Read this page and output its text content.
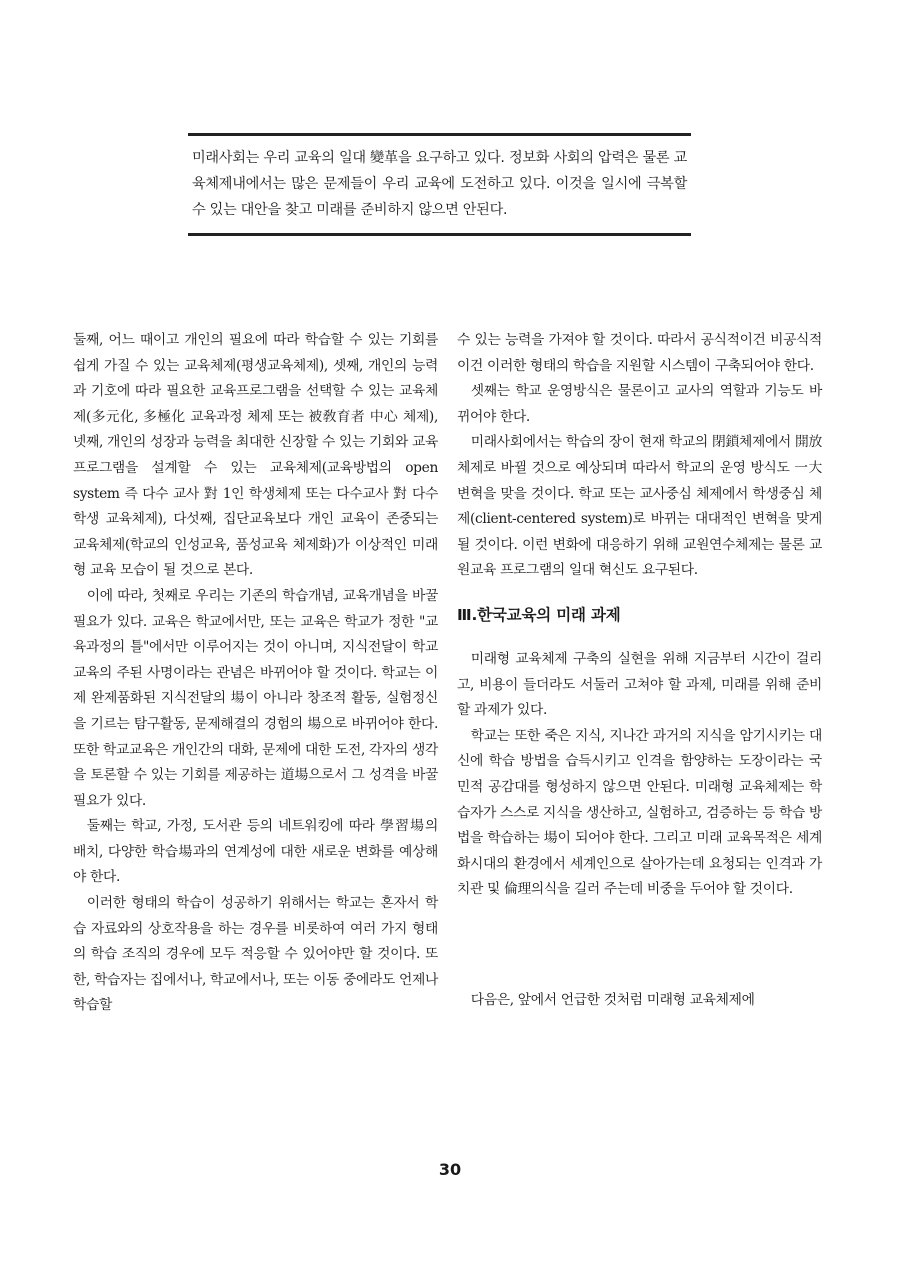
미래사회는 우리 교육의 일대 變革을 요구하고 있다. 정보화 사회의 압력은 물론 교육체제내에서는 많은 문제들이 우리 교육에 도전하고 있다. 이것을 일시에 극복할 수 있는 대안을 찾고 미래를 준비하지 않으면 안된다.

둘째, 어느 때이고 개인의 필요에 따라 학습할 수 있는 기회를 쉽게 가질 수 있는 교육체제(평생교육체제), 셋째, 개인의 능력과 기호에 따라 필요한 교육프로그램을 선택할 수 있는 교육체제(多元化, 多極化 교육과정 체제 또는 被敎育者 中心 체제), 넷째, 개인의 성장과 능력을 최대한 신장할 수 있는 기회와 교육프로그램을 설계할 수 있는 교육체제(교육방법의 open system 즉 다수 교사 對 1인 학생체제 또는 다수교사 對 다수학생 교육체제), 다섯째, 집단교육보다 개인 교육이 존중되는 교육체제(학교의 인성교육, 품성교육 체제화)가 이상적인 미래형 교육 모습이 될 것으로 본다.

이에 따라, 첫째로 우리는 기존의 학습개념, 교육개념을 바꿀 필요가 있다. 교육은 학교에서만, 또는 교육은 학교가 정한 "교육과정의 틀"에서만 이루어지는 것이 아니며, 지식전달이 학교교육의 주된 사명이라는 관념은 바뀌어야 할 것이다. 학교는 이제 완제품화된 지식전달의 場이 아니라 창조적 활동, 실험정신을 기르는 탐구활동, 문제해결의 경험의 場으로 바뀌어야 한다. 또한 학교교육은 개인간의 대화, 문제에 대한 도전, 각자의 생각을 토론할 수 있는 기회를 제공하는 道場으로서 그 성격을 바꿀 필요가 있다.

둘째는 학교, 가정, 도서관 등의 네트워킹에 따라 學習場의 배치, 다양한 학습場과의 연계성에 대한 새로운 변화를 예상해야 한다.

이러한 형태의 학습이 성공하기 위해서는 학교는 혼자서 학습 자료와의 상호작용을 하는 경우를 비롯하여 여러 가지 형태의 학습 조직의 경우에 모두 적응할 수 있어야만 할 것이다. 또한, 학습자는 집에서나, 학교에서나, 또는 이동 중에라도 언제나 학습할

수 있는 능력을 가져야 할 것이다. 따라서 공식적이건 비공식적이건 이러한 형태의 학습을 지원할 시스템이 구축되어야 한다.

셋째는 학교 운영방식은 물론이고 교사의 역할과 기능도 바뀌어야 한다.

미래사회에서는 학습의 장이 현재 학교의 閉鎖체제에서 開放체제로 바뀔 것으로 예상되며 따라서 학교의 운영 방식도 一大 변혁을 맞을 것이다. 학교 또는 교사중심 체제에서 학생중심 체제(client-centered system)로 바뀌는 대대적인 변혁을 맞게 될 것이다. 이런 변화에 대응하기 위해 교원연수체제는 물론 교원교육 프로그램의 일대 혁신도 요구된다.

Ⅲ.한국교육의 미래 과제

미래형 교육체제 구축의 실현을 위해 지금부터 시간이 걸리고, 비용이 들더라도 서둘러 고쳐야 할 과제, 미래를 위해 준비할 과제가 있다.

학교는 또한 죽은 지식, 지나간 과거의 지식을 암기시키는 대신에 학습 방법을 습득시키고 인격을 함양하는 도장이라는 국민적 공감대를 형성하지 않으면 안된다. 미래형 교육체제는 학습자가 스스로 지식을 생산하고, 실험하고, 검증하는 등 학습 방법을 학습하는 場이 되어야 한다. 그리고 미래 교육목적은 세계화시대의 환경에서 세계인으로 살아가는데 요청되는 인격과 가치관 및 倫理의식을 길러 주는데 비중을 두어야 할 것이다.

다음은, 앞에서 언급한 것처럼 미래형 교육체제에

30
